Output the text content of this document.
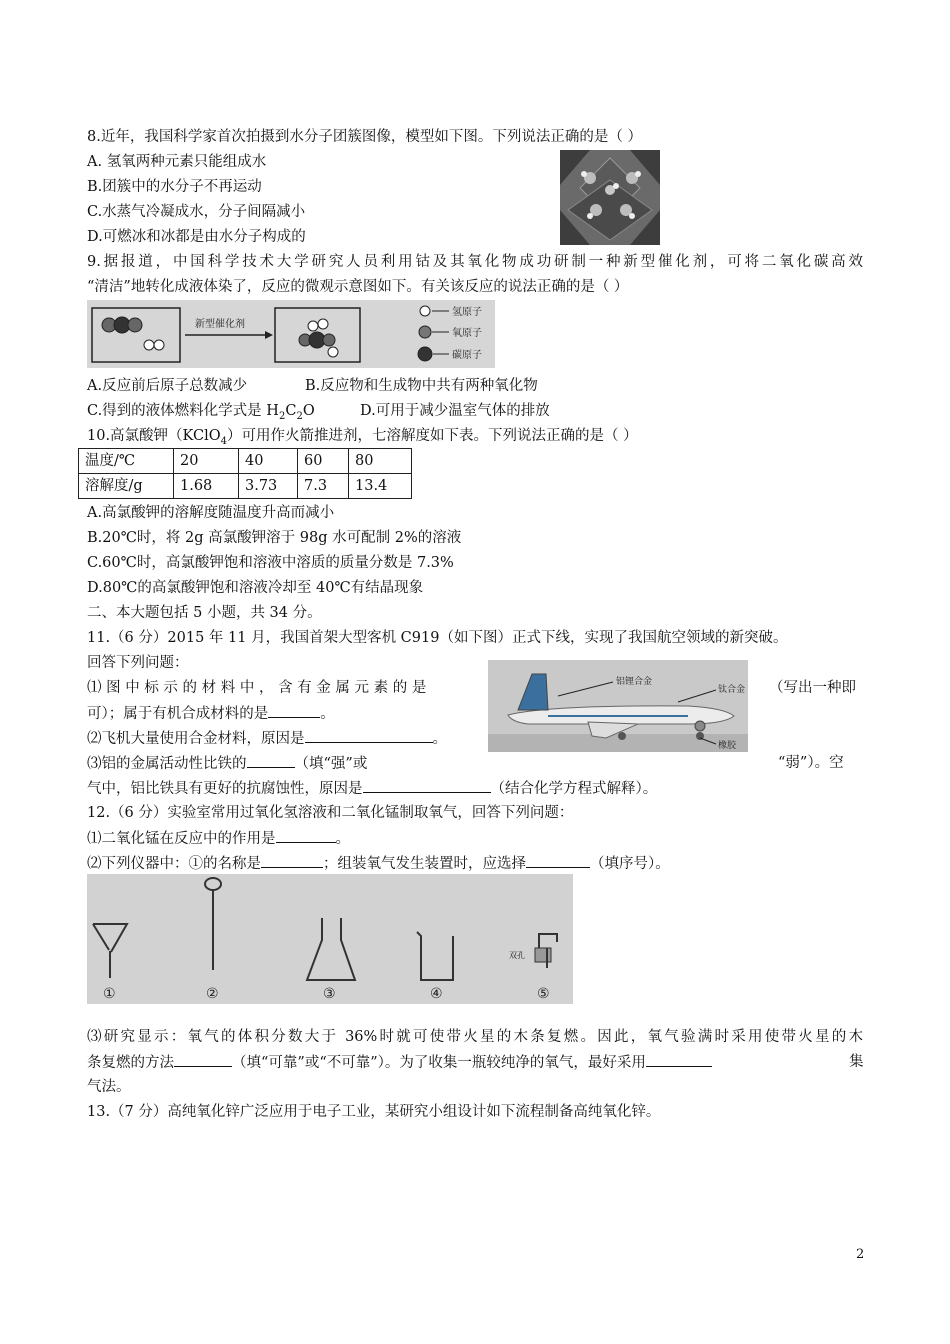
8.近年，我国科学家首次拍摄到水分子团簇图像，模型如下图。下列说法正确的是（ ）
A. 氢氧两种元素只能组成水
B.团簇中的水分子不再运动
C.水蒸气冷凝成水，分子间隔减小
D.可燃冰和冰都是由水分子构成的
9.据报道，中国科学技术大学研究人员利用钴及其氧化物成功研制一种新型催化剂，可将二氧化碳高效
“清洁”地转化成液体染了，反应的微观示意图如下。有关该反应的说法正确的是（ ）
新型催化剂
氢原子
氧原子
碳原子
A.反应前后原子总数减少	B.反应物和生成物中共有两种氧化物
C.得到的液体燃料化学式是 $H_2C_2O$	D.可用于减少温室气体的排放
10.高氯酸钾（KClO$_4$）可用作火箭推进剂，七溶解度如下表。下列说法正确的是（ ）
温度/℃	20	40	60	80
溶解度/g	1.68	3.73	7.3	13.4
A.高氯酸钾的溶解度随温度升高而减小
B.20℃时，将 2g 高氯酸钾溶于 98g 水可配制 2%的溶液
C.60℃时，高氯酸钾饱和溶液中溶质的质量分数是 7.3%
D.80℃的高氯酸钾饱和溶液冷却至 40℃有结晶现象
二、本大题包括 5 小题，共 34 分。
11.（6 分）2015 年 11 月，我国首架大型客机 C919（如下图）正式下线，实现了我国航空领域的新突破。
回答下列问题：
⑴ 图 中 标 示 的 材 料 中 ， 含 有 金 属 元 素 的 是	（写出一种即
可）；属于有机合成材料的是	。
⑵飞机大量使用合金材料，原因是	。
⑶铝的金属活动性比铁的	（填“强”或	“弱”）。空
气中，铝比铁具有更好的抗腐蚀性，原因是	（结合化学方程式解释）。
铝锂合金
钛合金
橡胶
12.（6 分）实验室常用过氧化氢溶液和二氧化锰制取氧气，回答下列问题：
⑴二氧化锰在反应中的作用是	。
⑵下列仪器中：①的名称是	；组装氧气发生装置时，应选择	（填序号）。
①	②	③	④
双孔
⑤
⑶研究显示：氧气的体积分数大于 36%时就可使带火星的木条复燃。因此，氧气验满时采用使带火星的木
条复燃的方法	（填“可靠”或“不可靠”）。为了收集一瓶较纯净的氧气，最好采用	集
气法。
13.（7 分）高纯氧化锌广泛应用于电子工业，某研究小组设计如下流程制备高纯氧化锌。
2
